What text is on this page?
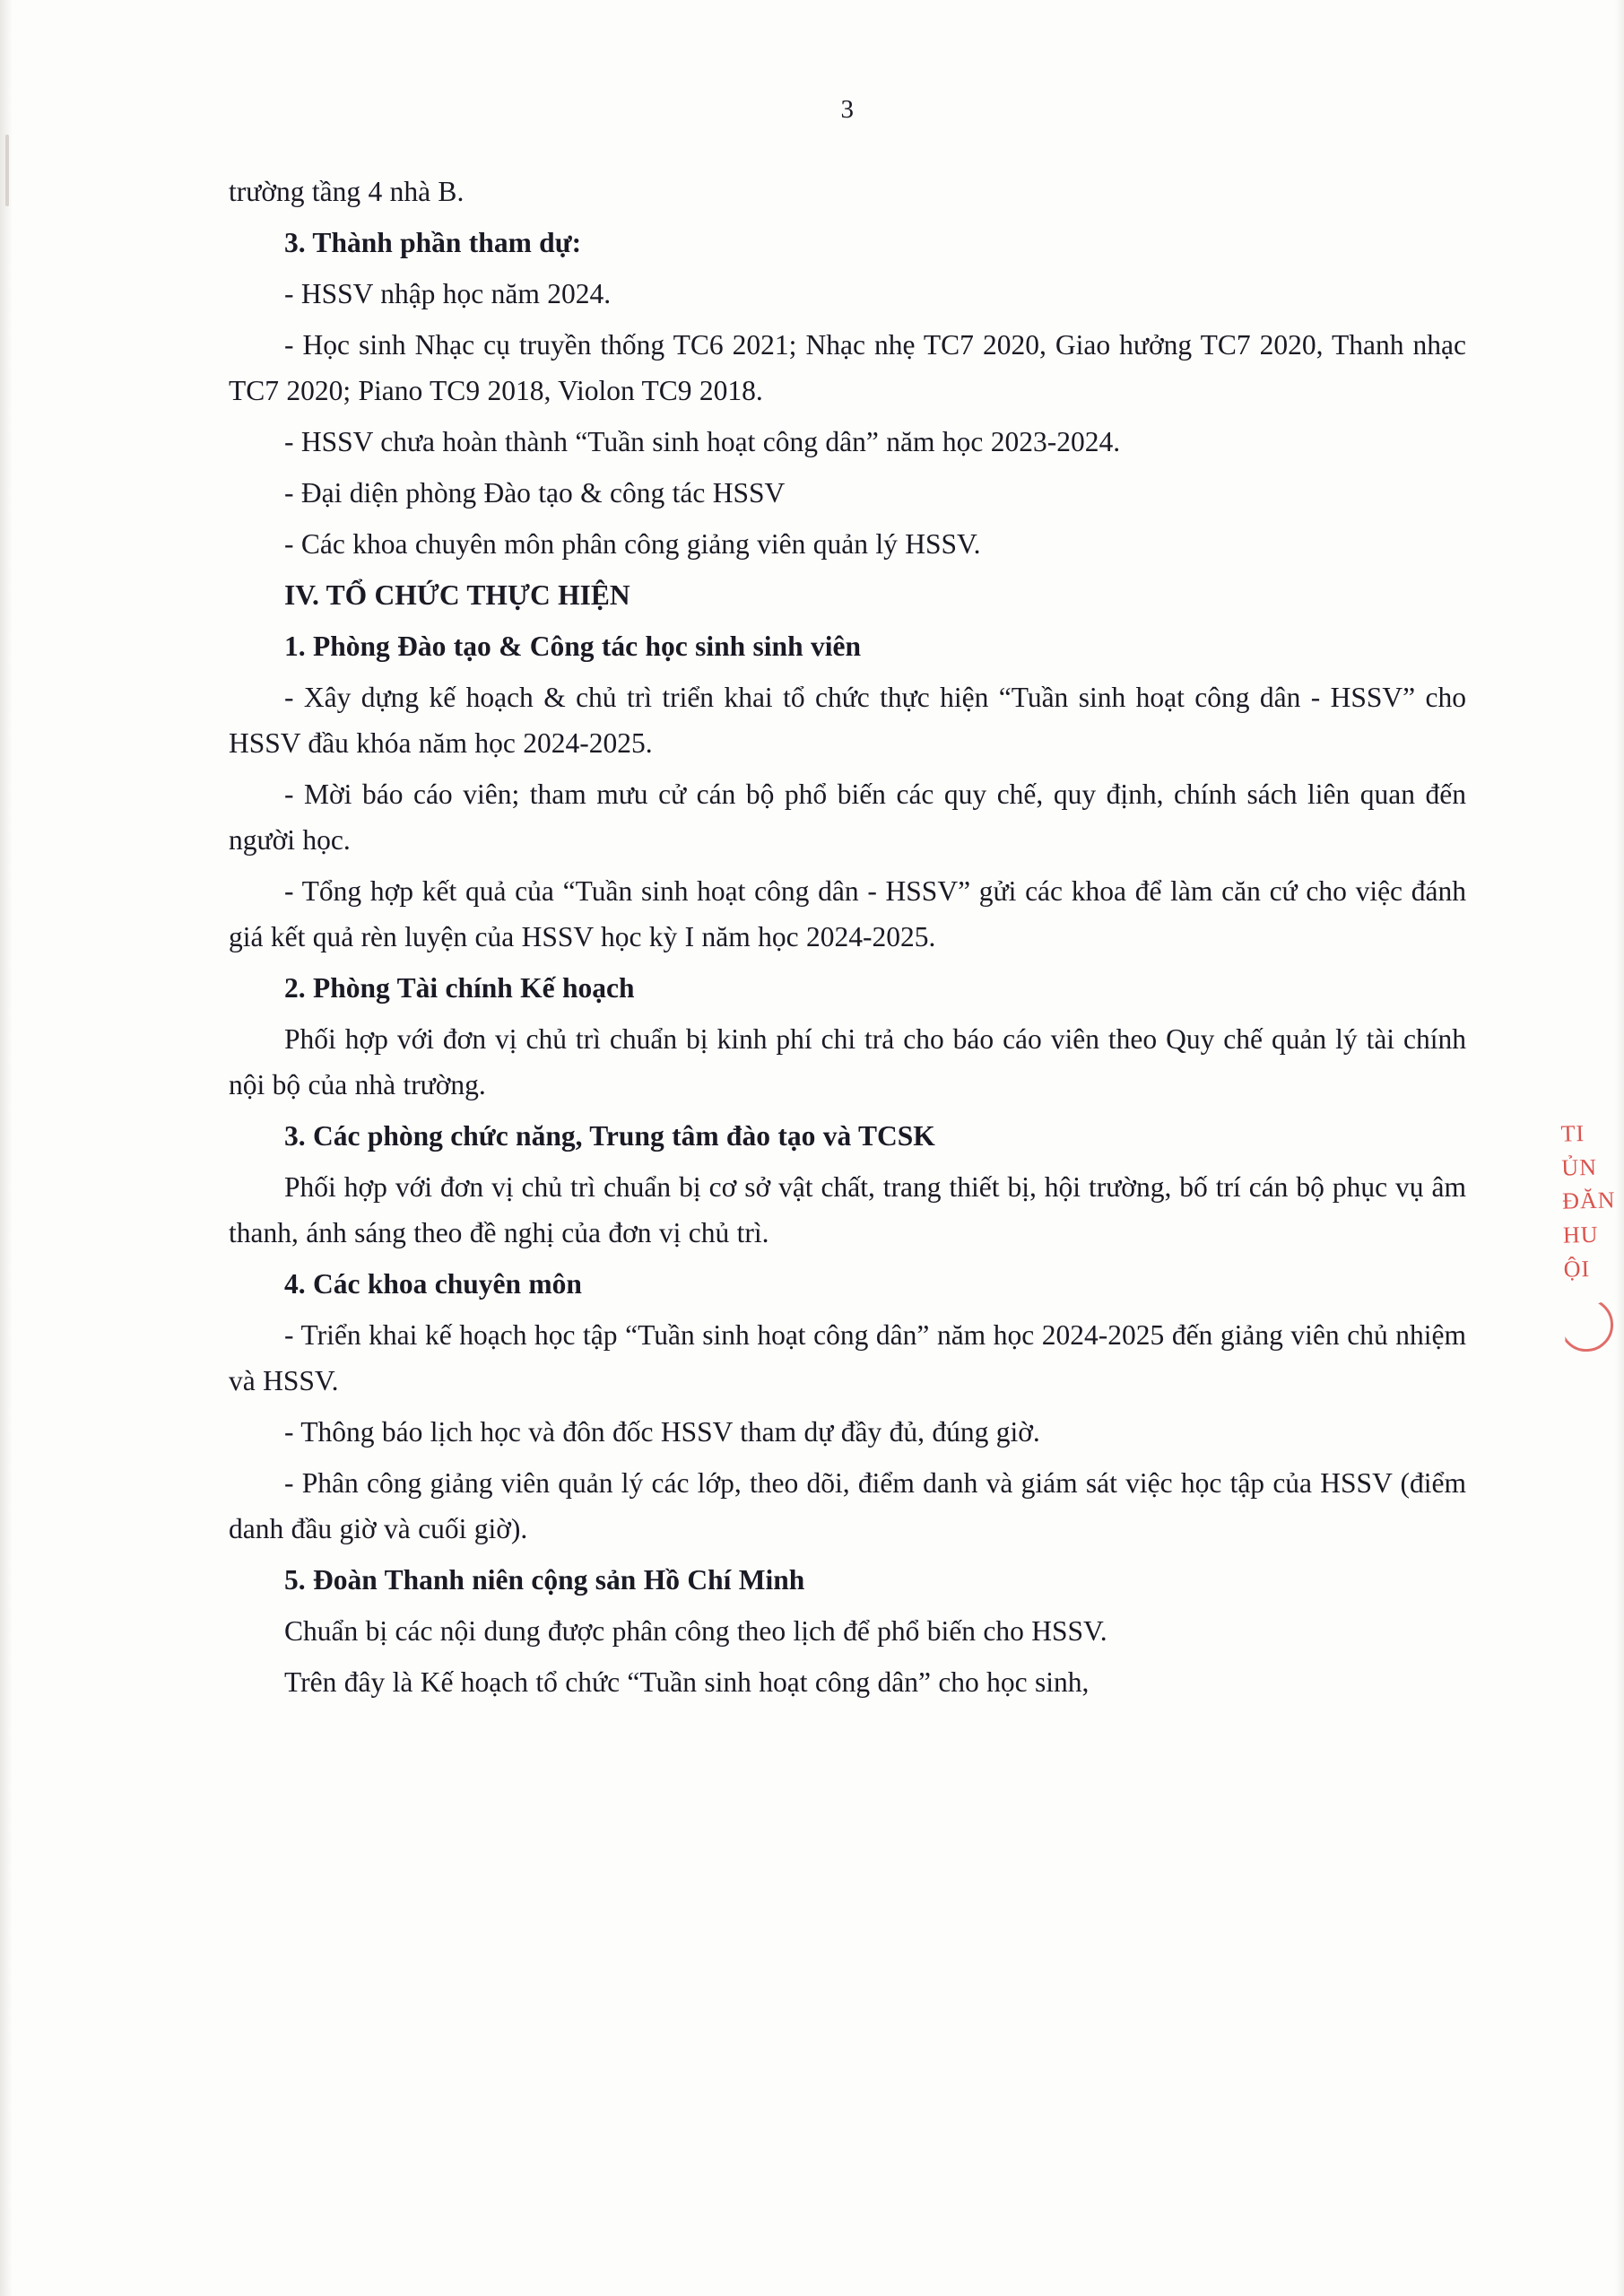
3

trường tầng 4 nhà B.

3. Thành phần tham dự:

- HSSV nhập học năm 2024.

- Học sinh Nhạc cụ truyền thống TC6 2021; Nhạc nhẹ TC7 2020, Giao hưởng TC7 2020, Thanh nhạc TC7 2020; Piano TC9 2018, Violon TC9 2018.

- HSSV chưa hoàn thành “Tuần sinh hoạt công dân” năm học 2023-2024.

- Đại diện phòng Đào tạo & công tác HSSV

- Các khoa chuyên môn phân công giảng viên quản lý HSSV.

IV. TỔ CHỨC THỰC HIỆN

1. Phòng Đào tạo & Công tác học sinh sinh viên

- Xây dựng kế hoạch & chủ trì triển khai tổ chức thực hiện “Tuần sinh hoạt công dân - HSSV” cho HSSV đầu khóa năm học 2024-2025.

- Mời báo cáo viên; tham mưu cử cán bộ phổ biến các quy chế, quy định, chính sách liên quan đến người học.

- Tổng hợp kết quả của “Tuần sinh hoạt công dân - HSSV” gửi các khoa để làm căn cứ cho việc đánh giá kết quả rèn luyện của HSSV học kỳ I năm học 2024-2025.

2. Phòng Tài chính Kế hoạch

Phối hợp với đơn vị chủ trì chuẩn bị kinh phí chi trả cho báo cáo viên theo Quy chế quản lý tài chính nội bộ của nhà trường.

3. Các phòng chức năng, Trung tâm đào tạo và TCSK

Phối hợp với đơn vị chủ trì chuẩn bị cơ sở vật chất, trang thiết bị, hội trường, bố trí cán bộ phục vụ âm thanh, ánh sáng theo đề nghị của đơn vị chủ trì.

4. Các khoa chuyên môn

- Triển khai kế hoạch học tập “Tuần sinh hoạt công dân” năm học 2024-2025 đến giảng viên chủ nhiệm và HSSV.

- Thông báo lịch học và đôn đốc HSSV tham dự đầy đủ, đúng giờ.

- Phân công giảng viên quản lý các lớp, theo dõi, điểm danh và giám sát việc học tập của HSSV (điểm danh đầu giờ và cuối giờ).

5. Đoàn Thanh niên cộng sản Hồ Chí Minh

Chuẩn bị các nội dung được phân công theo lịch để phổ biến cho HSSV.

Trên đây là Kế hoạch tổ chức “Tuần sinh hoạt công dân” cho học sinh,

TI
ỦN
ĐĂN
HU
ỘI
